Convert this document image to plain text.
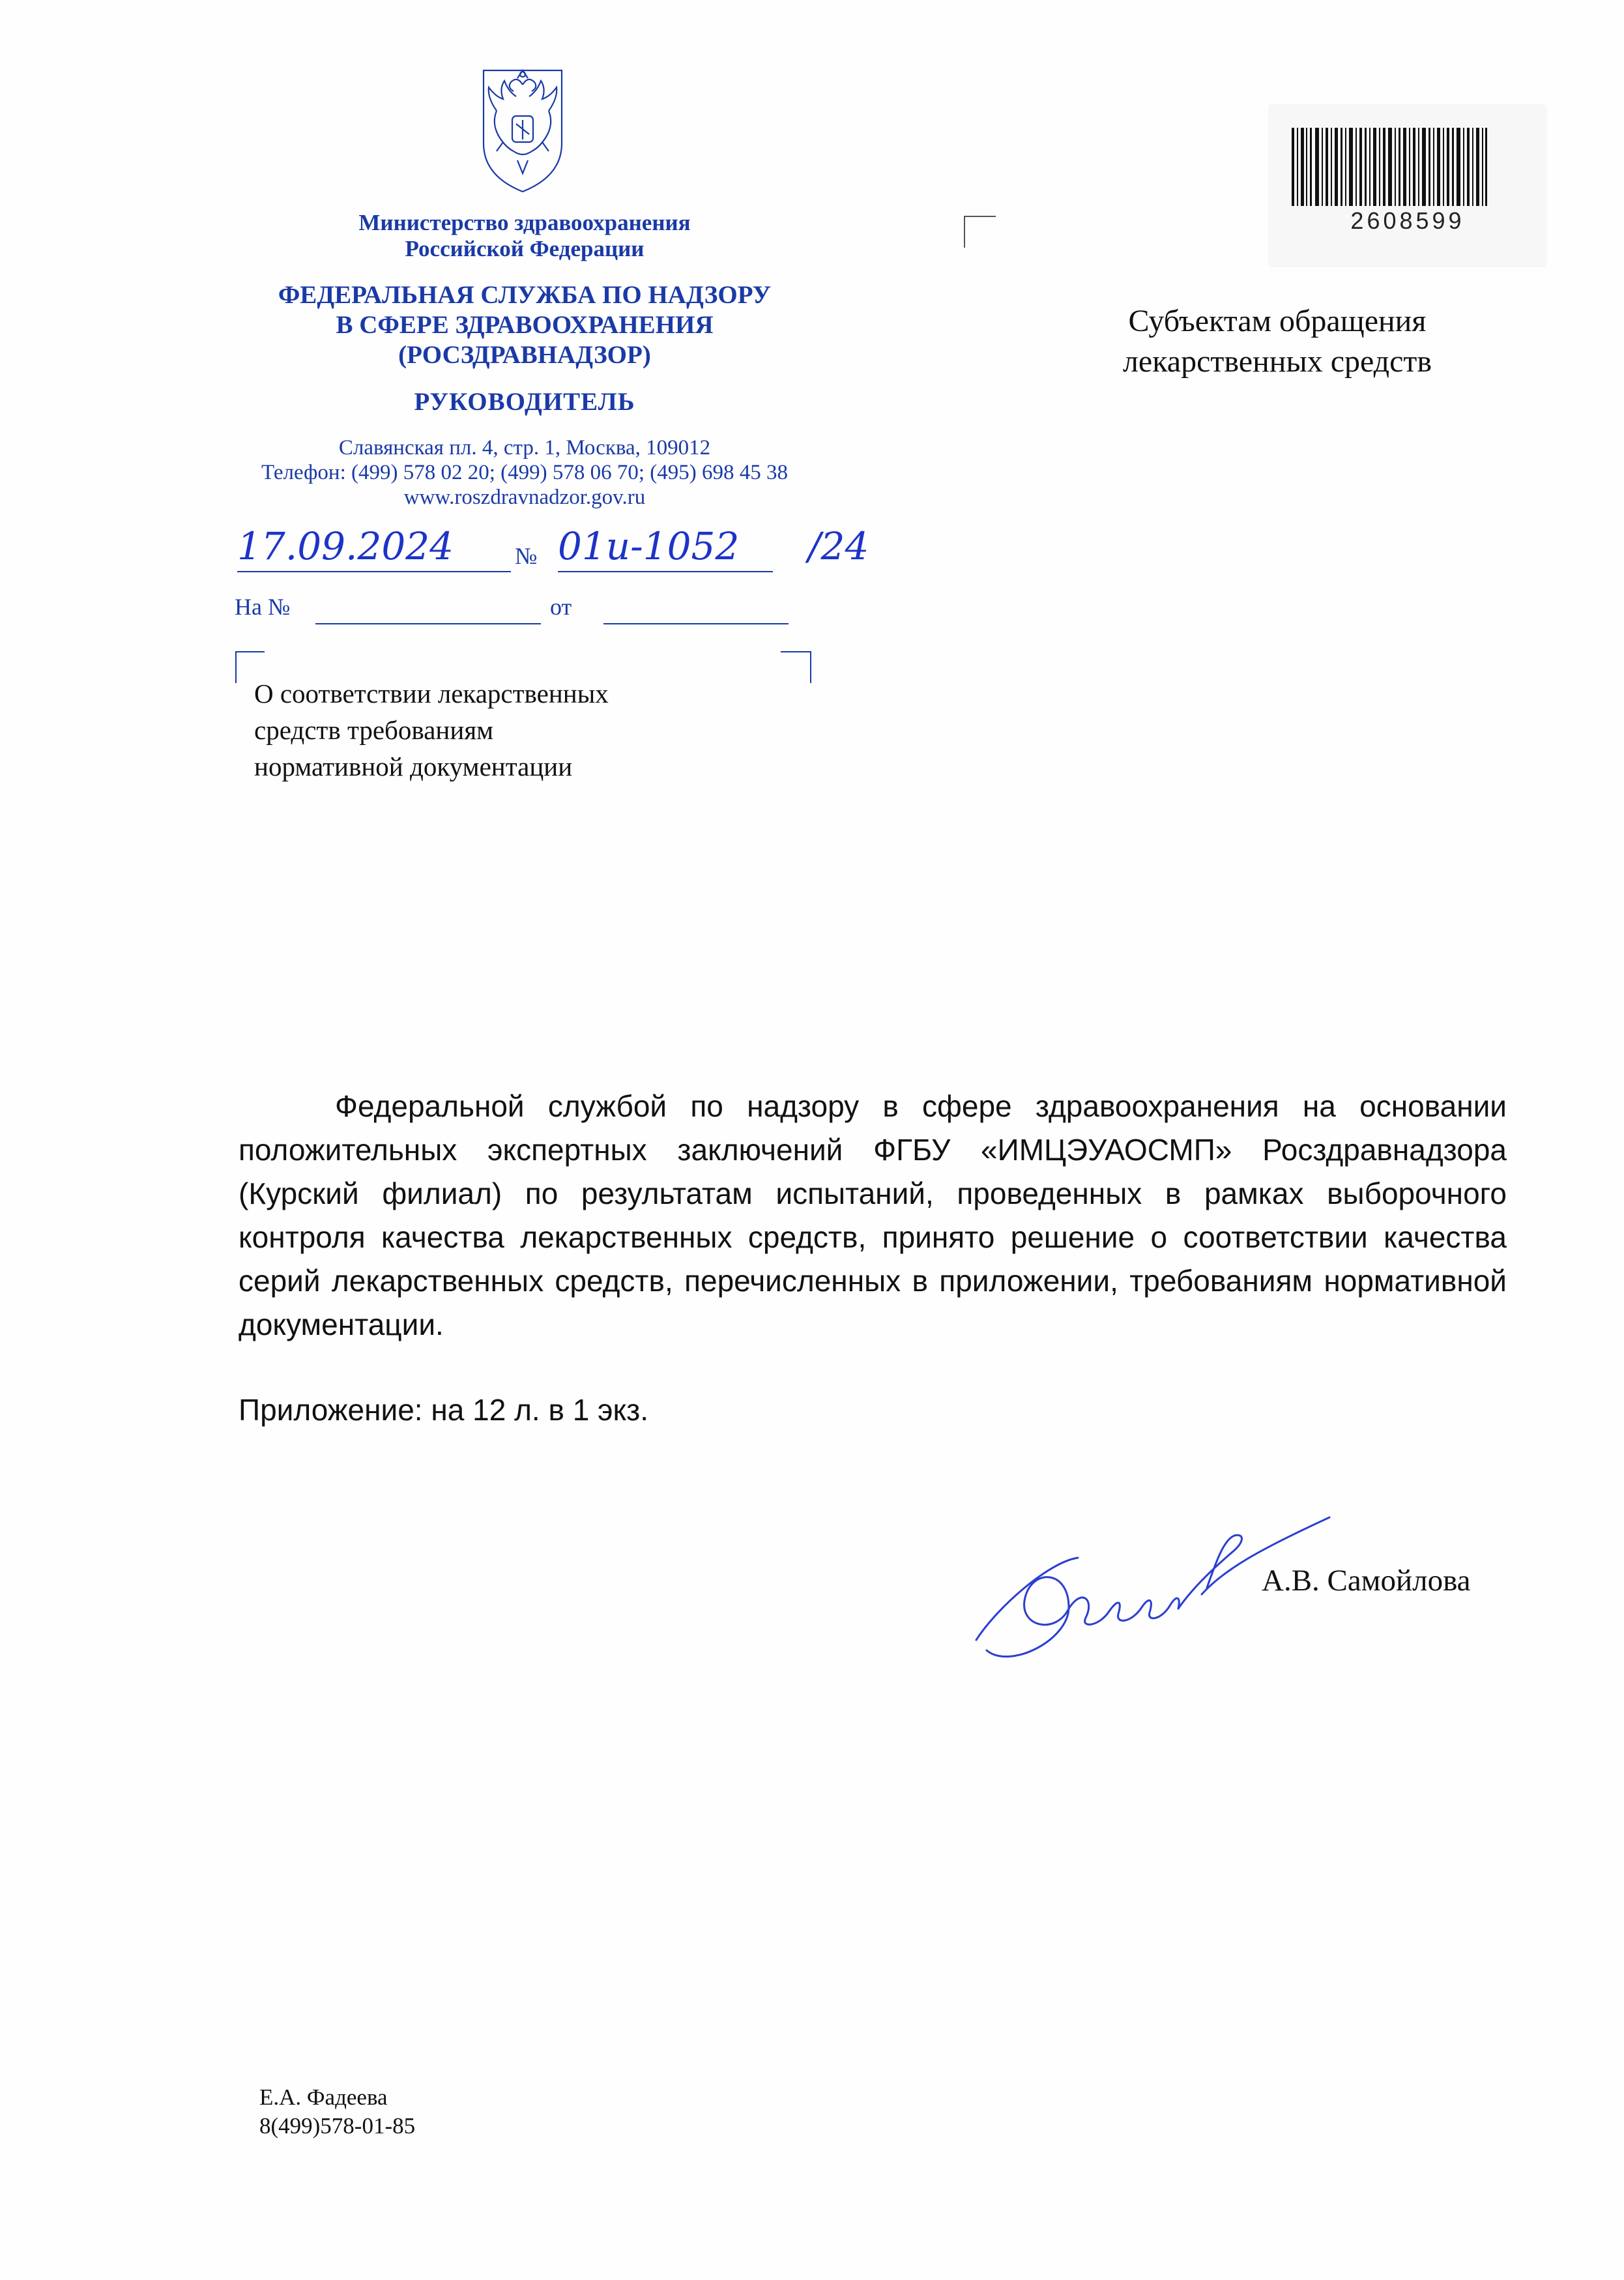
Министерство здравоохранения
Российской Федерации
ФЕДЕРАЛЬНАЯ СЛУЖБА ПО НАДЗОРУ
В СФЕРЕ ЗДРАВООХРАНЕНИЯ
(РОСЗДРАВНАДЗОР)
РУКОВОДИТЕЛЬ
Славянская пл. 4, стр. 1, Москва, 109012
Телефон: (499) 578 02 20; (499) 578 06 70; (495) 698 45 38
www.roszdravnadzor.gov.ru
17.09.2024	№ 01и-1052	/24
На №	от
О соответствии лекарственных
средств требованиям
нормативной документации
2608599
Субъектам обращения
лекарственных средств
Федеральной службой по надзору в сфере здравоохранения на основании положительных экспертных заключений ФГБУ «ИМЦЭУАОСМП» Росздравнадзора (Курский филиал) по результатам испытаний, проведенных в рамках выборочного контроля качества лекарственных средств, принято решение о соответствии качества серий лекарственных средств, перечисленных в приложении, требованиям нормативной документации.
Приложение: на 12 л. в 1 экз.
А.В. Самойлова
Е.А. Фадеева
8(499)578-01-85
